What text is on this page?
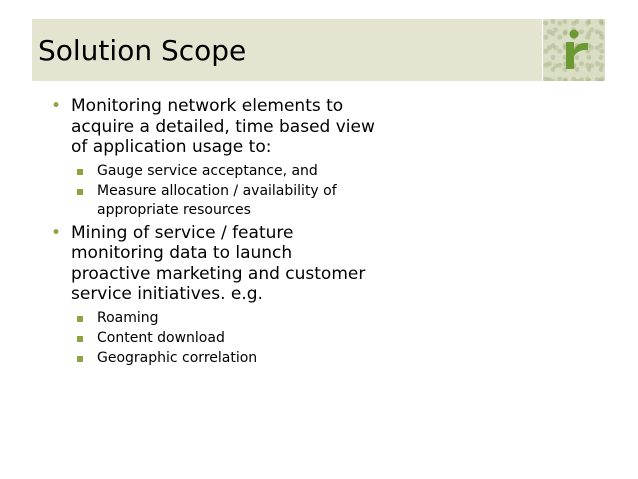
Solution Scope
• Monitoring network elements to acquire a detailed, time based view of application usage to:
Gauge service acceptance, and
Measure allocation / availability of appropriate resources
• Mining of service / feature monitoring data to launch proactive marketing and customer service initiatives. e.g.
Roaming
Content download
Geographic correlation
